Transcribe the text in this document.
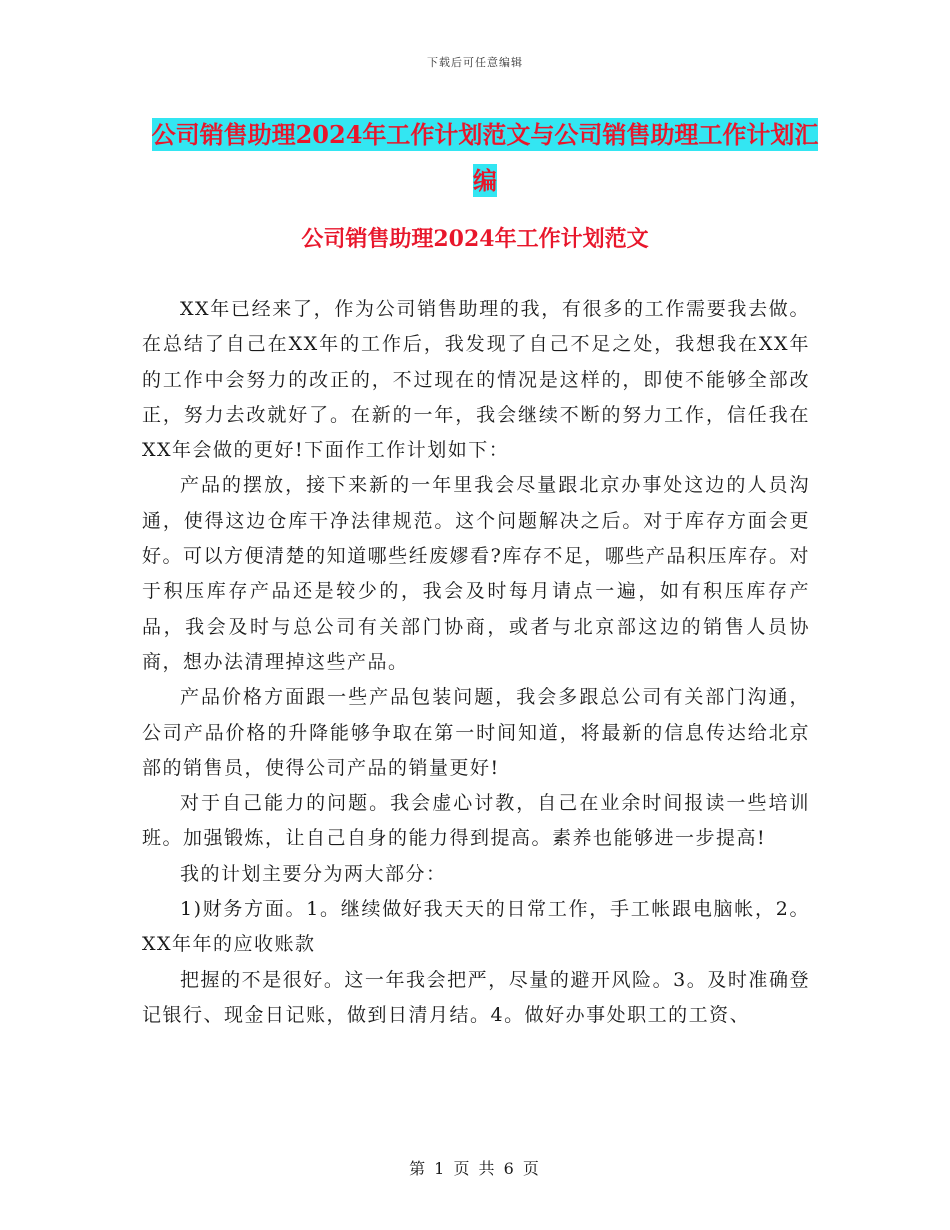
下载后可任意编辑
公司销售助理2024年工作计划范文与公司销售助理工作计划汇编
公司销售助理2024年工作计划范文

XX年已经来了，作为公司销售助理的我，有很多的工作需要我去做。在总结了自己在XX年的工作后，我发现了自己不足之处，我想我在XX年的工作中会努力的改正的，不过现在的情况是这样的，即使不能够全部改正，努力去改就好了。在新的一年，我会继续不断的努力工作，信任我在XX年会做的更好!下面作工作计划如下：

产品的摆放，接下来新的一年里我会尽量跟北京办事处这边的人员沟通，使得这边仓库干净法律规范。这个问题解决之后。对于库存方面会更好。可以方便清楚的知道哪些纴废嫪看?库存不足，哪些产品积压库存。对于积压库存产品还是较少的，我会及时每月请点一遍，如有积压库存产品，我会及时与总公司有关部门协商，或者与北京部这边的销售人员协商，想办法清理掉这些产品。

产品价格方面跟一些产品包装问题，我会多跟总公司有关部门沟通，公司产品价格的升降能够争取在第一时间知道，将最新的信息传达给北京部的销售员，使得公司产品的销量更好!

对于自己能力的问题。我会虚心讨教，自己在业余时间报读一些培训班。加强锻炼，让自己自身的能力得到提高。素养也能够进一步提高!

我的计划主要分为两大部分：

1)财务方面。1。继续做好我天天的日常工作，手工帐跟电脑帐，2。XX年年的应收账款

把握的不是很好。这一年我会把严，尽量的避开风险。3。及时准确登记银行、现金日记账，做到日清月结。4。做好办事处职工的工资、

第 1 页 共 6 页
